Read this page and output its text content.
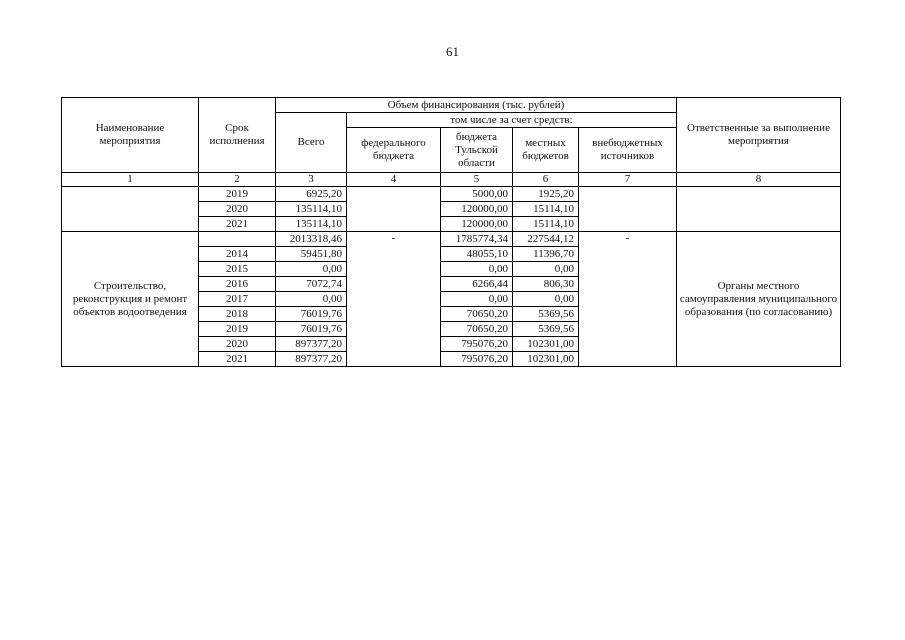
61
Наименование мероприятия	Срок исполнения	Объем финансирования (тыс. рублей)					Ответственные за выполнение мероприятия
		Всего	том числе за счет средств:				
			федерального бюджета	бюджета Тульской области	местных бюджетов	внебюджетных источников	
1	2	3	4	5	6	7	8
	2019	6925,20		5000,00	1925,20		
	2020	135114,10		120000,00	15114,10		
	2021	135114,10		120000,00	15114,10		
Строительство, реконструкция и ремонт объектов водоотведения		2013318,46	-	1785774,34	227544,12	-	Органы местного самоуправления муниципального образования (по согласованию)
	2014	59451,80		48055,10	11396,70		
	2015	0,00		0,00	0,00		
	2016	7072,74		6266,44	806,30		
	2017	0,00		0,00	0,00		
	2018	76019,76		70650,20	5369,56		
	2019	76019,76		70650,20	5369,56		
	2020	897377,20		795076,20	102301,00		
	2021	897377,20		795076,20	102301,00		
